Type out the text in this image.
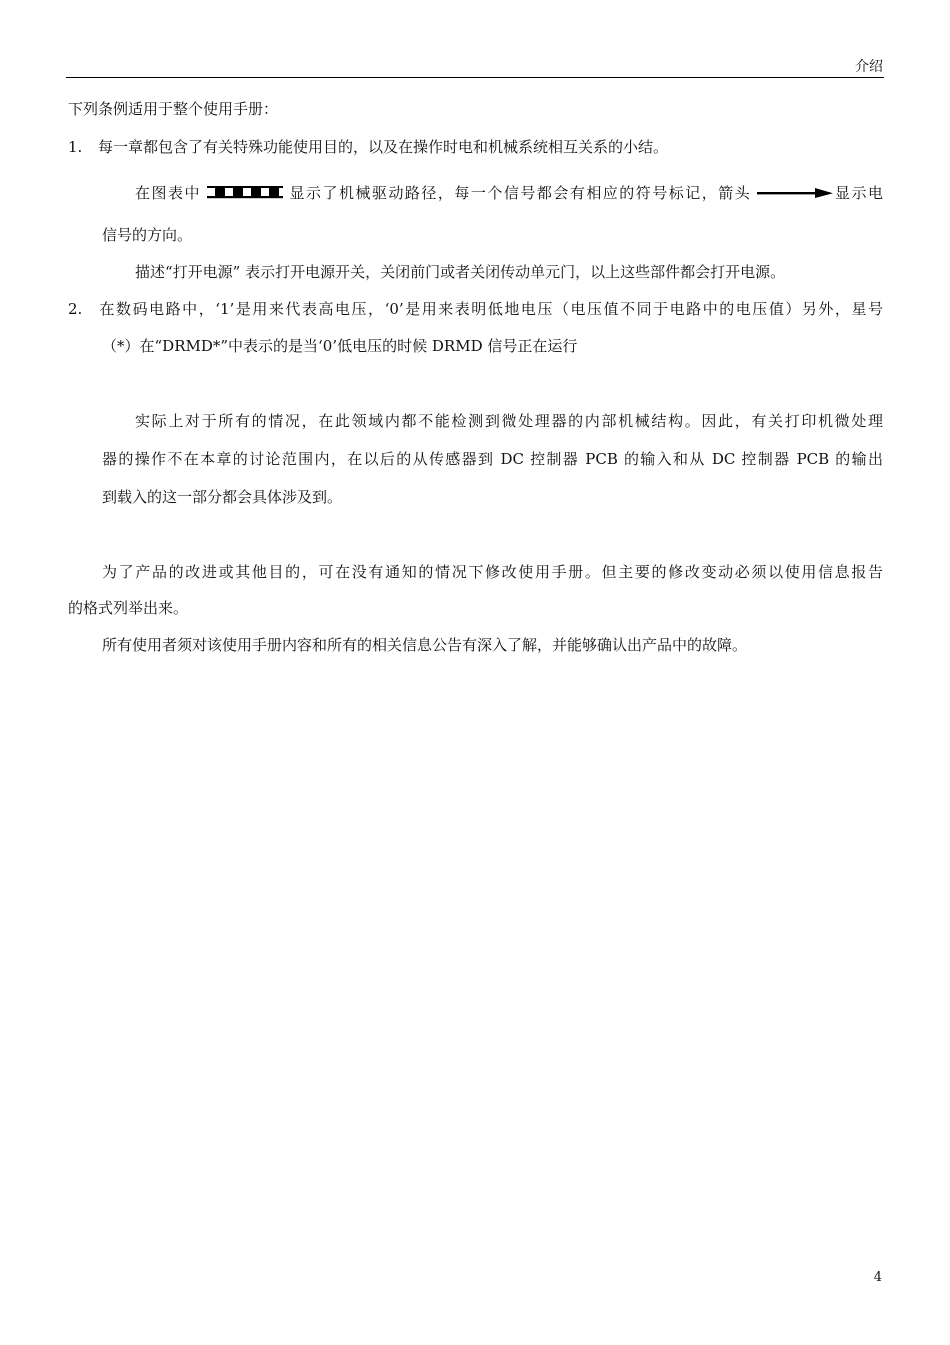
介绍
下列条例适用于整个使用手册：
1. 每一章都包含了有关特殊功能使用目的，以及在操作时电和机械系统相互关系的小结。
在图表中	显示了机械驱动路径，每一个信号都会有相应的符号标记，箭头	显示电
信号的方向。
描述“打开电源” 表示打开电源开关，关闭前门或者关闭传动单元门，以上这些部件都会打开电源。
2. 在数码电路中，‘1’是用来代表高电压，‘0’是用来表明低地电压（电压值不同于电路中的电压值）另外，星号
（*）在“DRMD*”中表示的是当‘0’低电压的时候 DRMD 信号正在运行
实际上对于所有的情况，在此领域内都不能检测到微处理器的内部机械结构。因此，有关打印机微处理
器的操作不在本章的讨论范围内，在以后的从传感器到 DC 控制器 PCB 的输入和从 DC 控制器 PCB 的输出
到载入的这一部分都会具体涉及到。
为了产品的改进或其他目的，可在没有通知的情况下修改使用手册。但主要的修改变动必须以使用信息报告
的格式列举出来。
所有使用者须对该使用手册内容和所有的相关信息公告有深入了解，并能够确认出产品中的故障。
4
